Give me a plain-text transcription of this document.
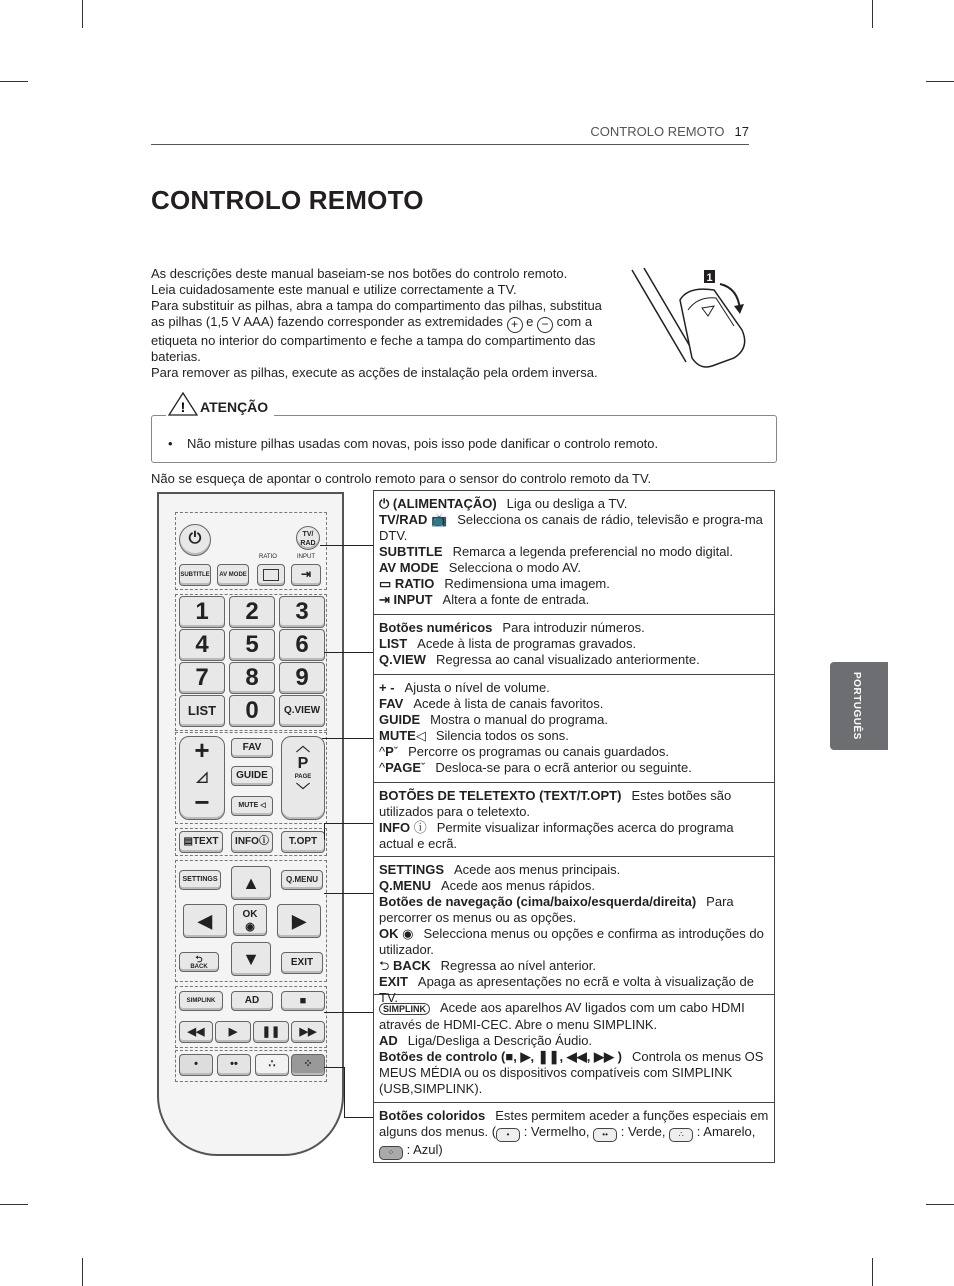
CONTROLO REMOTO 17
CONTROLO REMOTO

As descrições deste manual baseiam-se nos botões do controlo remoto.

Leia cuidadosamente este manual e utilize correctamente a TV.

Para substituir as pilhas, abra a tampa do compartimento das pilhas, substitua as pilhas (1,5 V AAA) fazendo corresponder as extremidades + e − com a etiqueta no interior do compartimento e feche a tampa do compartimento das baterias.

Para remover as pilhas, execute as acções de instalação pela ordem inversa.

1
! ATENÇÃO
•    Não misture pilhas usadas com novas, pois isso pode danificar o controlo remoto.
Não se esqueça de apontar o controlo remoto para o sensor do controlo remoto da TV.
PORTUGUÊS
⏻	TV/ RAD
RATIO	INPUT
SUBTITLE	AV MODE	⇥
1	2	3
4	5	6
7	8	9
LIST	0	Q.VIEW
+
◿
−
FAV
GUIDE
MUTE ◁
︿
P
PAGE
﹀
▤TEXT	INFOⓘ	T.OPT
SETTINGS	Q.MENU
▲
◀	OK
◉	▶
▼
⮌
BACK	EXIT
SIMPLINK	AD	■
◀◀	▶	❚❚	▶▶
•	••	∴	⁘

⏻ (ALIMENTAÇÃO) Liga ou desliga a TV.

TV/RAD 📺 Selecciona os canais de rádio, televisão e progra-ma DTV.

SUBTITLE Remarca a legenda preferencial no modo digital.

AV MODE Selecciona o modo AV.

▭ RATIO Redimensiona uma imagem.

⇥ INPUT Altera a fonte de entrada.

Botões numéricos Para introduzir números.

LIST Acede à lista de programas gravados.

Q.VIEW Regressa ao canal visualizado anteriormente.

+ - Ajusta o nível de volume.

FAV Acede à lista de canais favoritos.

GUIDE Mostra o manual do programa.

MUTE◁ Silencia todos os sons.

^Pˇ Percorre os programas ou canais guardados.

^PAGEˇ Desloca-se para o ecrã anterior ou seguinte.

BOTÕES DE TELETEXTO (TEXT/T.OPT) Estes botões são utilizados para o teletexto.

INFO ⓘ Permite visualizar informações acerca do programa actual e ecrã.

SETTINGS Acede aos menus principais.

Q.MENU Acede aos menus rápidos.

Botões de navegação (cima/baixo/esquerda/direita) Para percorrer os menus ou as opções.

OK ◉ Selecciona menus ou opções e confirma as introduções do utilizador.

⮌ BACK Regressa ao nível anterior.

EXIT Apaga as apresentações no ecrã e volta à visualização de TV.

SIMPLINK Acede aos aparelhos AV ligados com um cabo HDMI através de HDMI-CEC. Abre o menu SIMPLINK.

AD Liga/Desliga a Descrição Áudio.

Botões de controlo (■, ▶, ❚❚, ◀◀, ▶▶ ) Controla os menus OS MEUS MÉDIA ou os dispositivos compatíveis com SIMPLINK (USB,SIMPLINK).

Botões coloridos Estes permitem aceder a funções especiais em alguns dos menus. ( • : Vermelho, •• : Verde, ∴ : Amarelo, ⁘ : Azul)
